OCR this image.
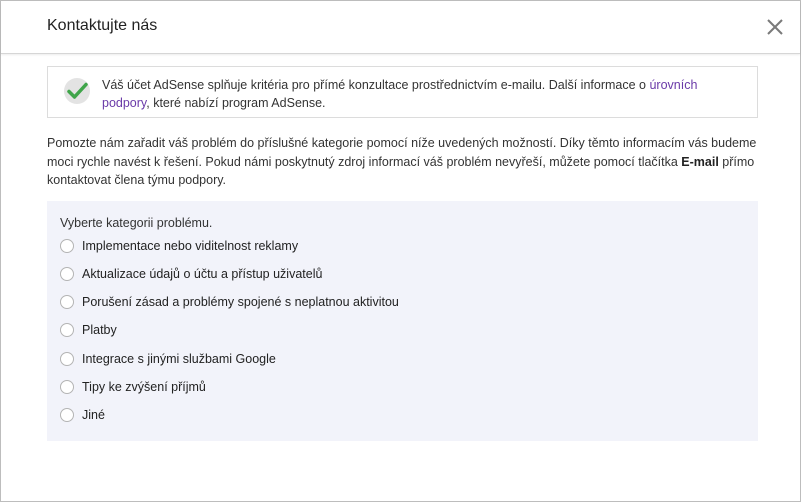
Kontaktujte nás
Váš účet AdSense splňuje kritéria pro přímé konzultace prostřednictvím e-mailu. Další informace o úrovních podpory, které nabízí program AdSense.
Pomozte nám zařadit váš problém do příslušné kategorie pomocí níže uvedených možností. Díky těmto informacím vás budeme moci rychle navést k řešení. Pokud námi poskytnutý zdroj informací váš problém nevyřeší, můžete pomocí tlačítka E-mail přímo kontaktovat člena týmu podpory.
Vyberte kategorii problému.
Implementace nebo viditelnost reklamy
Aktualizace údajů o účtu a přístup uživatelů
Porušení zásad a problémy spojené s neplatnou aktivitou
Platby
Integrace s jinými službami Google
Tipy ke zvýšení příjmů
Jiné
